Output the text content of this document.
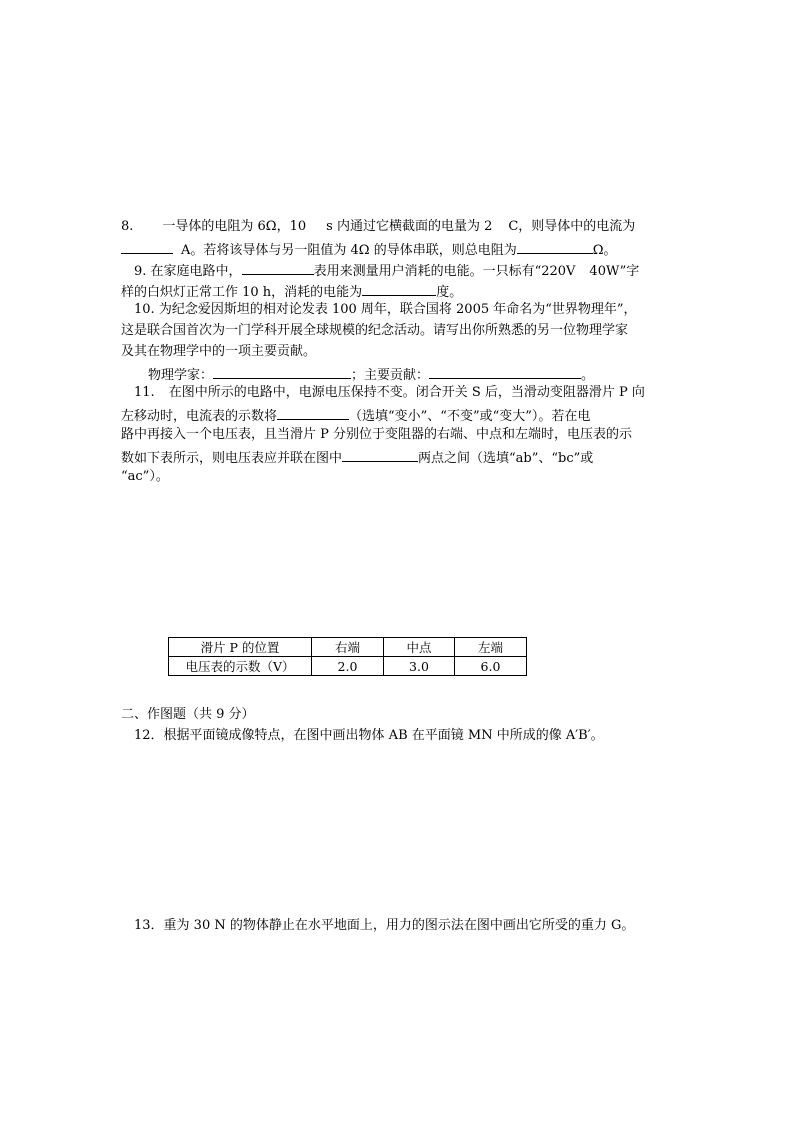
8. 一导体的电阻为 6Ω，10 s 内通过它横截面的电量为 2 C，则导体中的电流为
A。若将该导体与另一阻值为 4Ω 的导体串联，则总电阻为	Ω。
9. 在家庭电路中，	表用来测量用户消耗的电能。一只标有“220V 40W”字
样的白炽灯正常工作 10 h，消耗的电能为	度。
10. 为纪念爱因斯坦的相对论发表 100 周年，联合国将 2005 年命名为“世界物理年”，
这是联合国首次为一门学科开展全球规模的纪念活动。请写出你所熟悉的另一位物理学家
及其在物理学中的一项主要贡献。
物理学家：	；主要贡献：	。
11. 在图中所示的电路中，电源电压保持不变。闭合开关 S 后，当滑动变阻器滑片 P 向
左移动时，电流表的示数将	（选填“变小”、“不变”或“变大”）。若在电
路中再接入一个电压表，且当滑片 P 分别位于变阻器的右端、中点和左端时，电压表的示
数如下表所示，则电压表应并联在图中	两点之间（选填“ab”、“bc”或
“ac”）。
滑片 P 的位置	右端	中点	左端
电压表的示数（V）	2.0	3.0	6.0
二、作图题（共 9 分）
12．根据平面镜成像特点，在图中画出物体 AB 在平面镜 MN 中所成的像 A′B′。
13．重为 30 N 的物体静止在水平地面上，用力的图示法在图中画出它所受的重力 G。
